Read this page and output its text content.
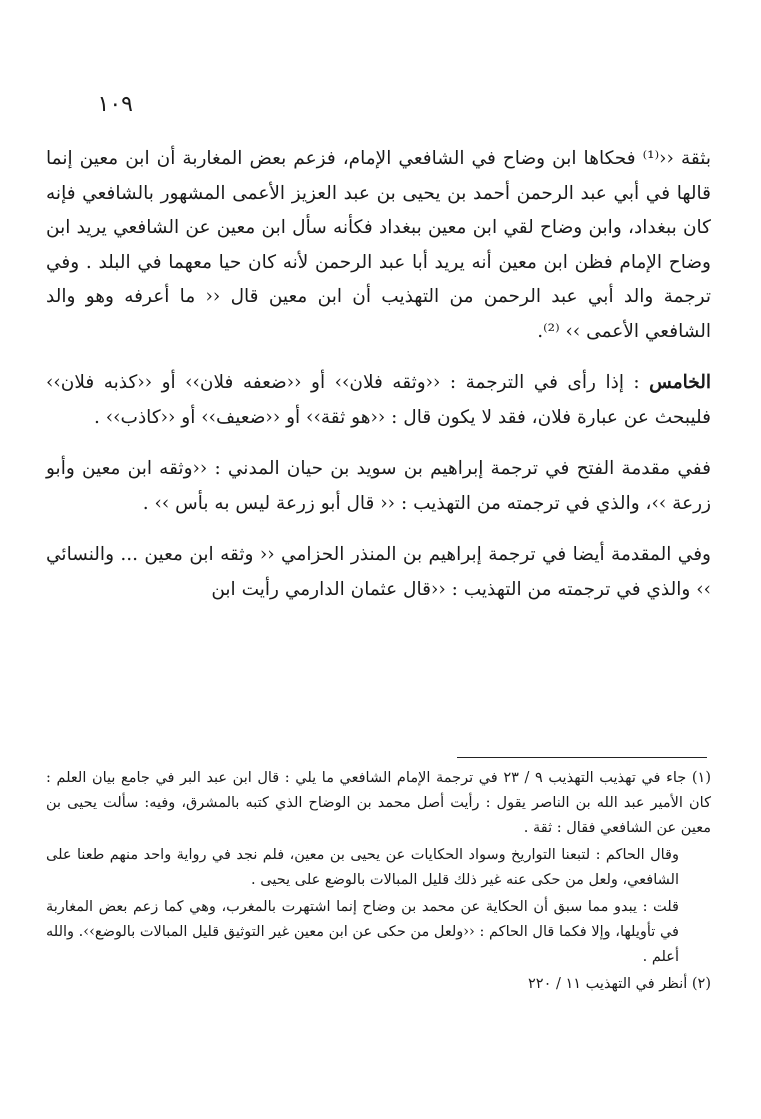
١٠٩

بثقة ‹‹⁽¹⁾ فحكاها ابن وضاح في الشافعي الإمام، فزعم بعض المغاربة أن ابن معين إنما قالها في أبي عبد الرحمن أحمد بن يحيى بن عبد العزيز الأعمى المشهور بالشافعي فإنه كان ببغداد، وابن وضاح لقي ابن معين ببغداد فكأنه سأل ابن معين عن الشافعي يريد ابن وضاح الإمام فظن ابن معين أنه يريد أبا عبد الرحمن لأنه كان حيا معهما في البلد . وفي ترجمة والد أبي عبد الرحمن من التهذيب أن ابن معين قال ‹‹ ما أعرفه وهو والد الشافعي الأعمى ›› ⁽²⁾.

الخامس : إذا رأى في الترجمة : ‹‹وثقه فلان›› أو ‹‹ضعفه فلان›› أو ‹‹كذبه فلان›› فليبحث عن عبارة فلان، فقد لا يكون قال : ‹‹هو ثقة›› أو ‹‹ضعيف›› أو ‹‹كاذب›› .

ففي مقدمة الفتح في ترجمة إبراهيم بن سويد بن حيان المدني : ‹‹وثقه ابن معين وأبو زرعة ››، والذي في ترجمته من التهذيب : ‹‹ قال أبو زرعة ليس به بأس ›› .

وفي المقدمة أيضا في ترجمة إبراهيم بن المنذر الحزامي ‹‹ وثقه ابن معين ... والنسائي ›› والذي في ترجمته من التهذيب : ‹‹قال عثمان الدارمي رأيت ابن

(١) جاء في تهذيب التهذيب ٩ / ٢٣ في ترجمة الإمام الشافعي ما يلي : قال ابن عبد البر في جامع بيان العلم : كان الأمير عبد الله بن الناصر يقول : رأيت أصل محمد بن الوضاح الذي كتبه بالمشرق، وفيه: سألت يحيى بن معين عن الشافعي فقال : ثقة .

وقال الحاكم : لتبعنا التواريخ وسواد الحكايات عن يحيى بن معين، فلم نجد في رواية واحد منهم طعنا على الشافعي، ولعل من حكى عنه غير ذلك قليل المبالات بالوضع على يحيى .

قلت : يبدو مما سبق أن الحكاية عن محمد بن وضاح إنما اشتهرت بالمغرب، وهي كما زعم بعض المغاربة في تأويلها، وإلا فكما قال الحاكم : ‹‹ولعل من حكى عن ابن معين غير التوثيق قليل المبالات بالوضع››. والله أعلم .

(٢) أنظر في التهذيب ١١ / ٢٢٠
